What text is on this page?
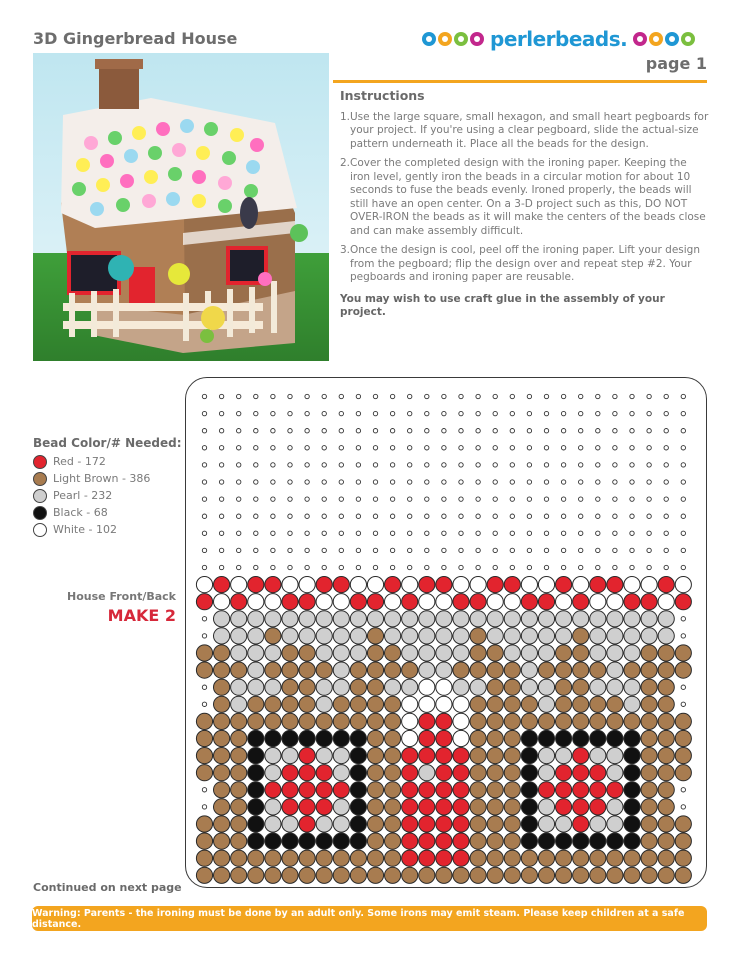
3D Gingerbread House	perlerbeads.
page 1
Instructions
1. Use the large square, small hexagon, and small heart pegboards for your project. If you're using a clear pegboard, slide the actual-size pattern underneath it. Place all the beads for the design.
2. Cover the completed design with the ironing paper. Keeping the iron level, gently iron the beads in a circular motion for about 10 seconds to fuse the beads evenly. Ironed properly, the beads will still have an open center. On a 3-D project such as this, DO NOT OVER-IRON the beads as it will make the centers of the beads close and can make assembly difficult.
3. Once the design is cool, peel off the ironing paper. Lift your design from the pegboard; flip the design over and repeat step #2. Your pegboards and ironing paper are reusable.
You may wish to use craft glue in the assembly of your project.
Bead Color/# Needed:
Red - 172
Light Brown - 386
Pearl - 232
Black - 68
White - 102
House Front/Back
MAKE 2
Continued on next page
Warning: Parents - the ironing must be done by an adult only. Some irons may emit steam. Please keep children at a safe distance.
